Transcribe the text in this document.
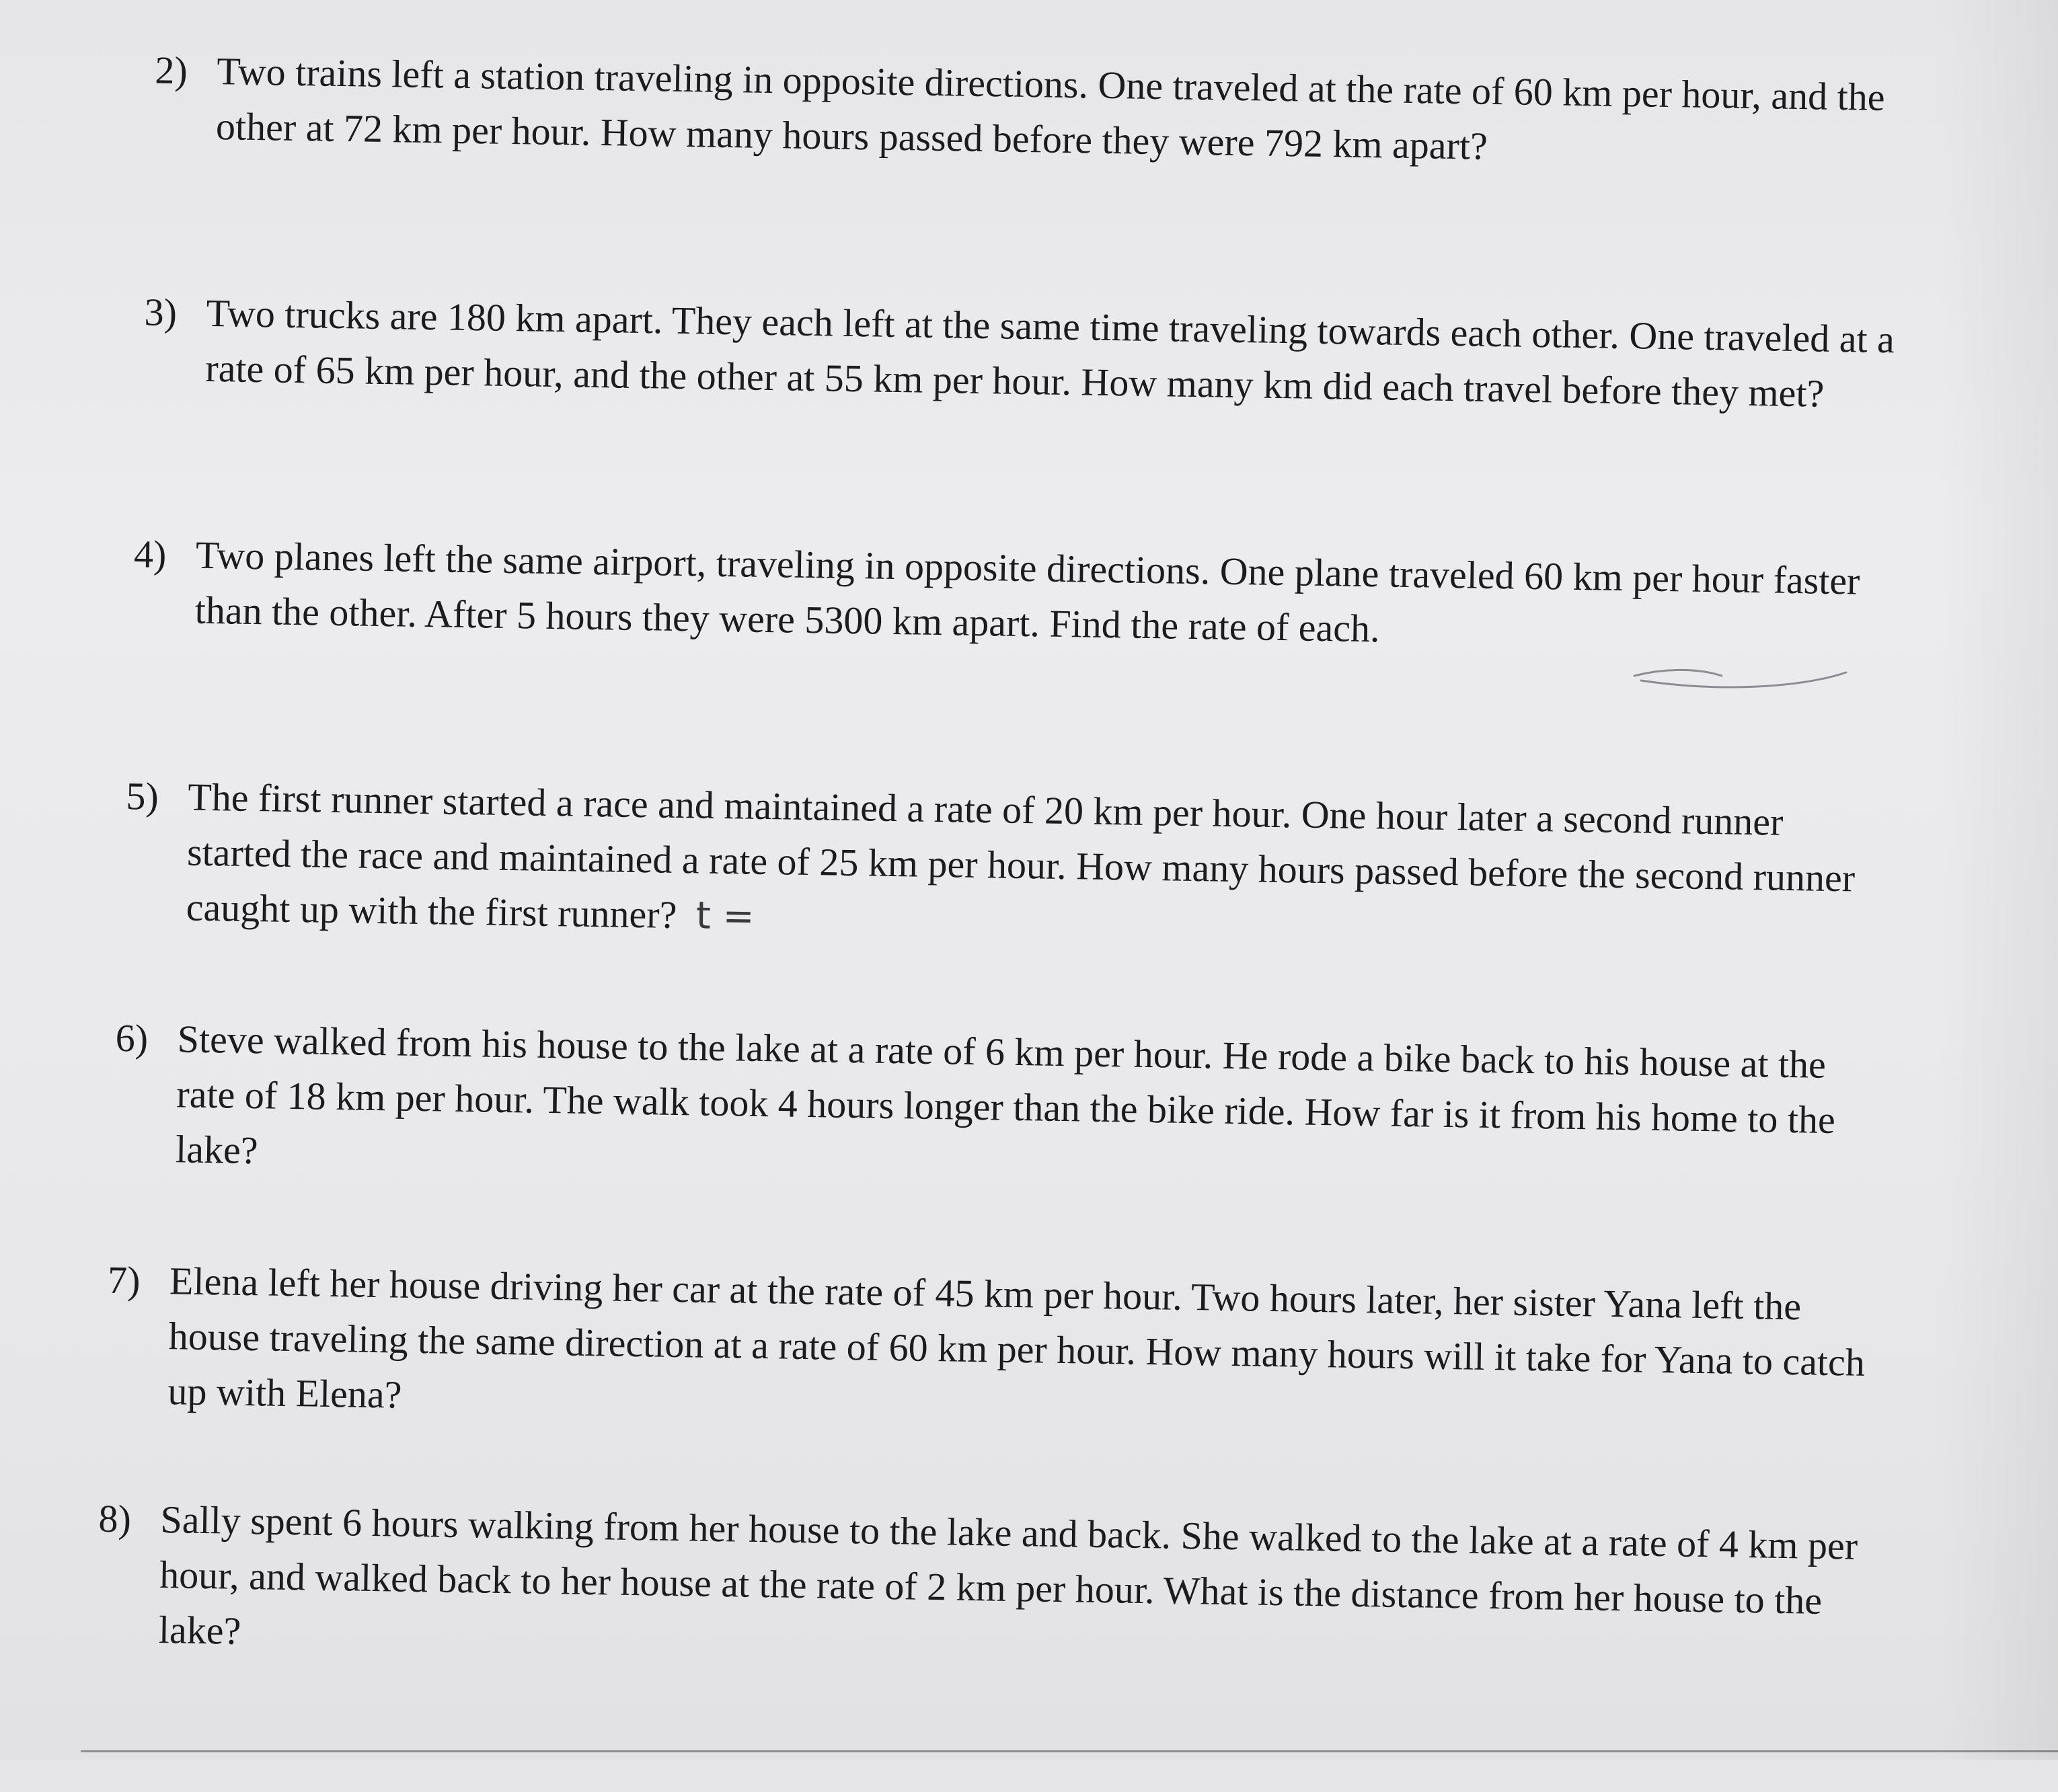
2) Two trains left a station traveling in opposite directions. One traveled at the rate of 60 km per hour, and the other at 72 km per hour. How many hours passed before they were 792 km apart?
3) Two trucks are 180 km apart. They each left at the same time traveling towards each other. One traveled at a rate of 65 km per hour, and the other at 55 km per hour. How many km did each travel before they met?
4) Two planes left the same airport, traveling in opposite directions. One plane traveled 60 km per hour faster than the other. After 5 hours they were 5300 km apart. Find the rate of each.
5) The first runner started a race and maintained a rate of 20 km per hour. One hour later a second runner started the race and maintained a rate of 25 km per hour. How many hours passed before the second runner caught up with the first runner? t =
6) Steve walked from his house to the lake at a rate of 6 km per hour. He rode a bike back to his house at the rate of 18 km per hour. The walk took 4 hours longer than the bike ride. How far is it from his home to the lake?
7) Elena left her house driving her car at the rate of 45 km per hour. Two hours later, her sister Yana left the house traveling the same direction at a rate of 60 km per hour. How many hours will it take for Yana to catch up with Elena?
8) Sally spent 6 hours walking from her house to the lake and back. She walked to the lake at a rate of 4 km per hour, and walked back to her house at the rate of 2 km per hour. What is the distance from her house to the lake?
